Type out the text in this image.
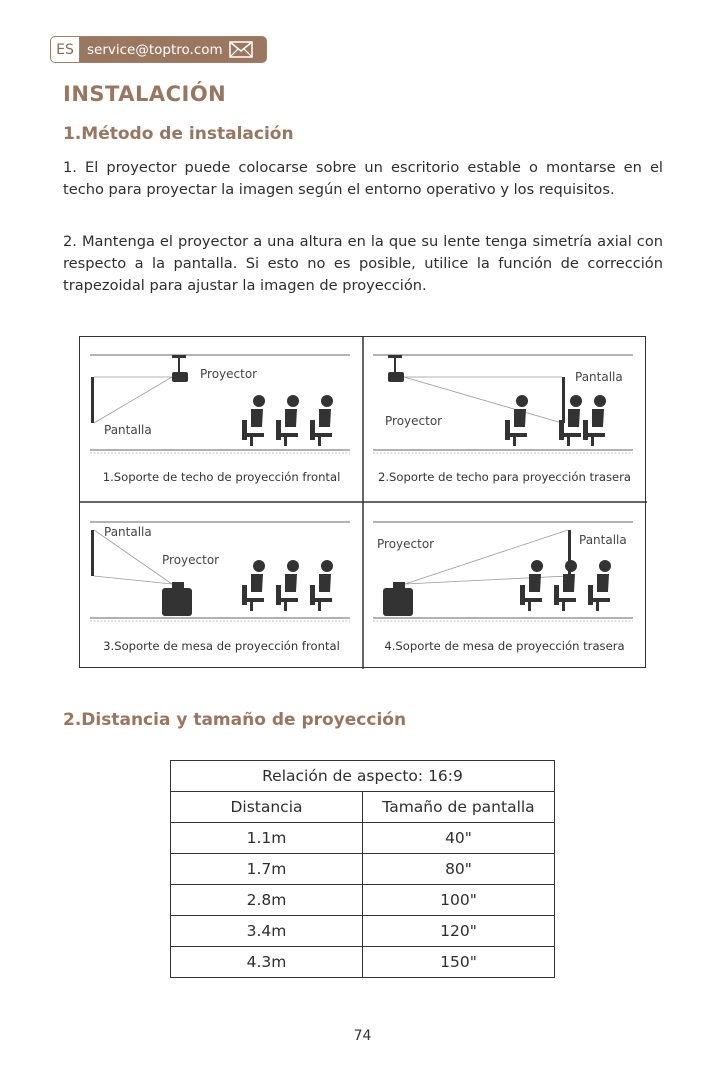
ES service@toptro.com
INSTALACIÓN
1.Método de instalación

1. El proyector puede colocarse sobre un escritorio estable o montarse en el techo para proyectar la imagen según el entorno operativo y los requisitos.

2. Mantenga el proyector a una altura en la que su lente tenga simetría axial con respecto a la pantalla. Si esto no es posible, utilice la función de corrección trapezoidal para ajustar la imagen de proyección.

Proyector
Pantalla
1.Soporte de techo de proyección frontal
Pantalla
Proyector
2.Soporte de techo para proyección trasera
Pantalla
Proyector
3.Soporte de mesa de proyección frontal
Proyector	Pantalla
4.Soporte de mesa de proyección trasera
2.Distancia y tamaño de proyección
Relación de aspecto: 16:9	
Distancia	Tamaño de pantalla
1.1m	40"
1.7m	80"
2.8m	100"
3.4m	120"
4.3m	150"
74
